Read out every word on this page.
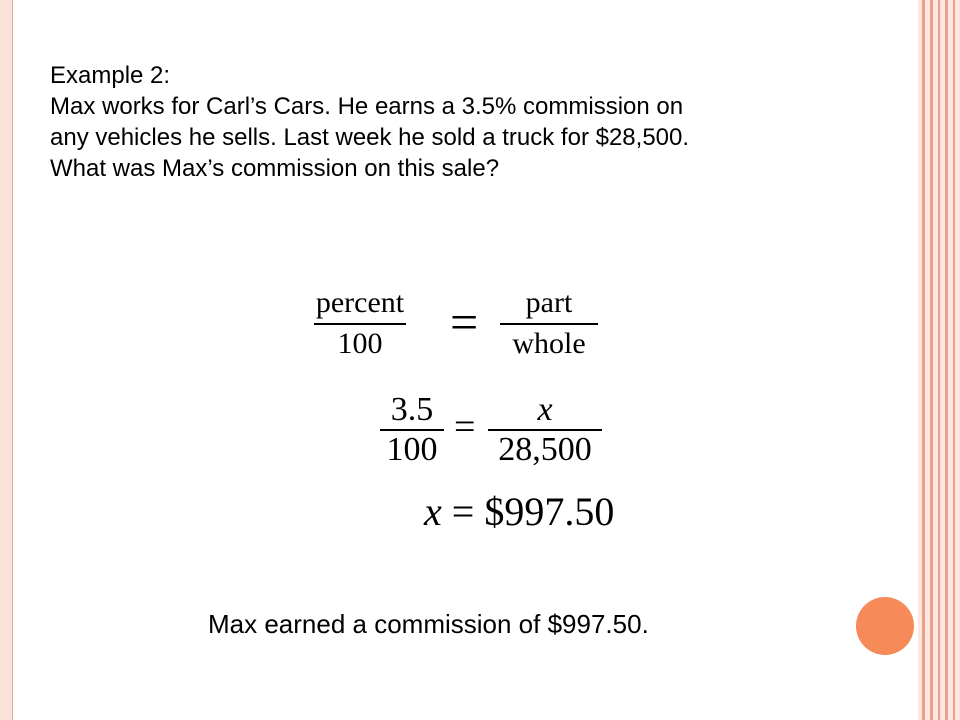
Example 2:
Max works for Carl’s Cars. He earns a 3.5% commission on
any vehicles he sells. Last week he sold a truck for $28,500.
What was Max’s commission on this sale?
percent
100 = part
whole
3.5
100
= x
28,500
x = $997.50
Max earned a commission of $997.50.
